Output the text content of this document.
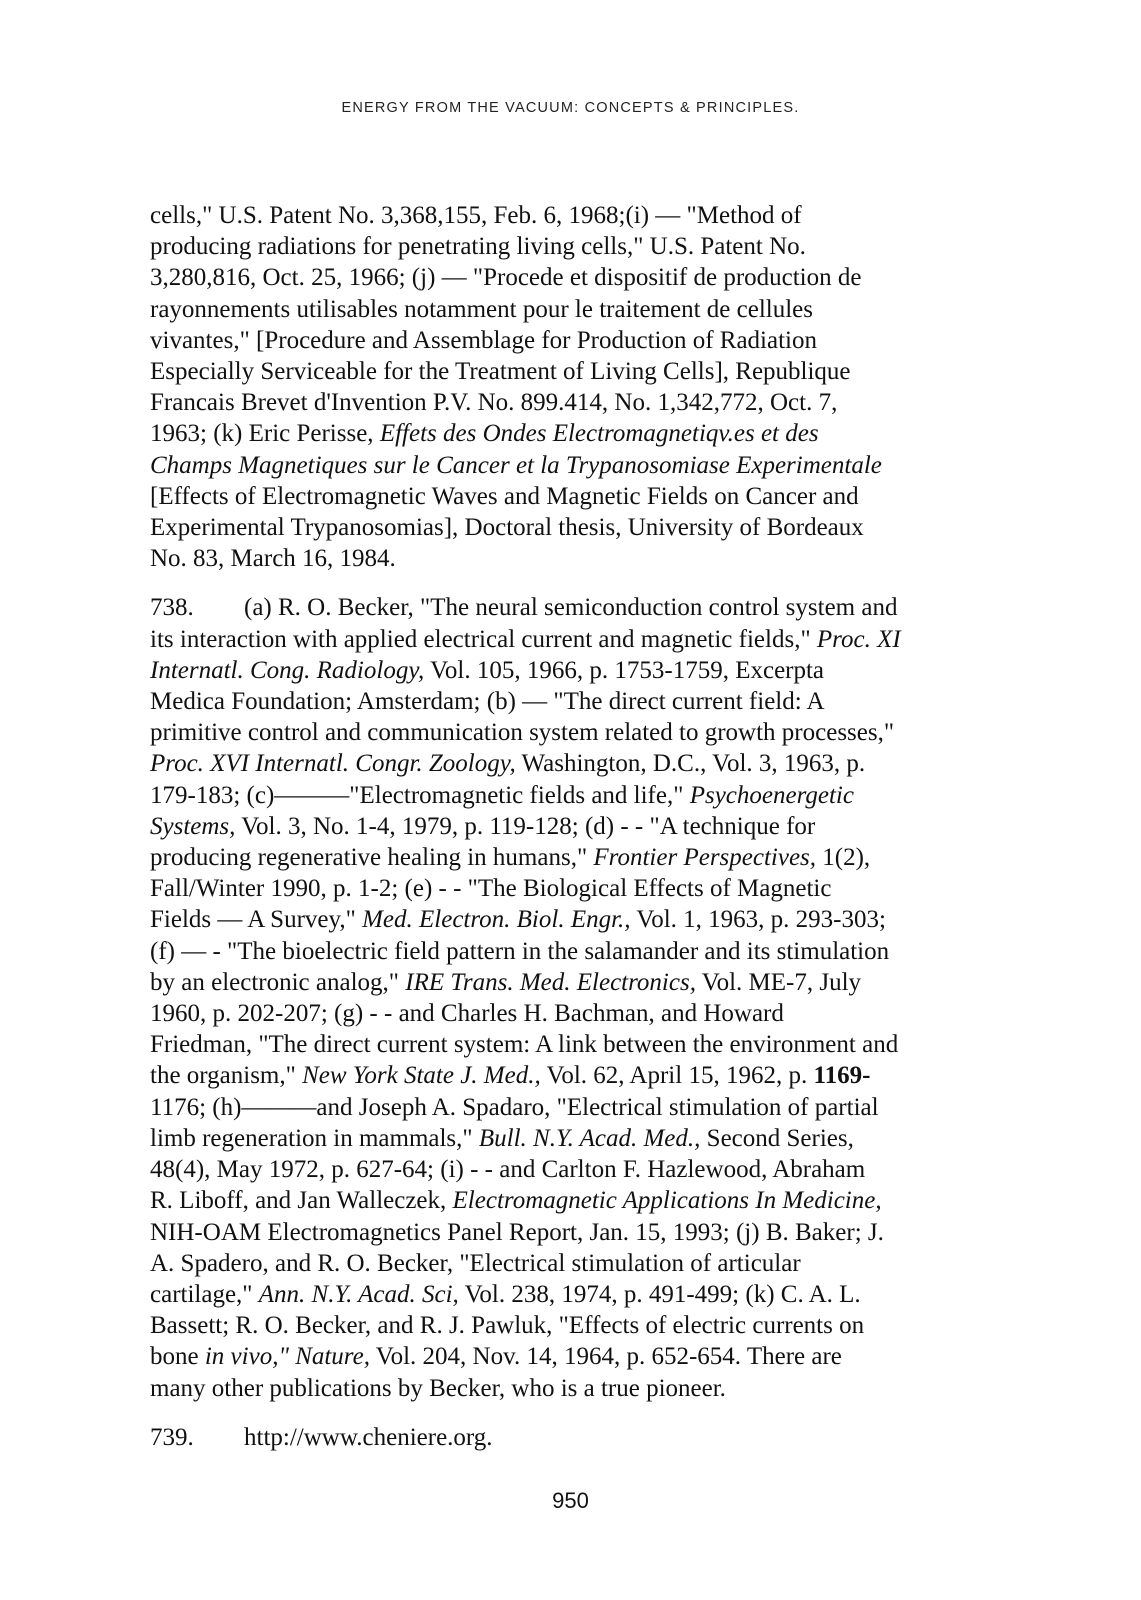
ENERGY FROM THE VACUUM: CONCEPTS & PRINCIPLES.
cells," U.S. Patent No. 3,368,155, Feb. 6, 1968;(i) — "Method of
producing radiations for penetrating living cells," U.S. Patent No.
3,280,816, Oct. 25, 1966; (j) — "Procede et dispositif de production de
rayonnements utilisables notamment pour le traitement de cellules
vivantes," [Procedure and Assemblage for Production of Radiation
Especially Serviceable for the Treatment of Living Cells], Republique
Francais Brevet d'Invention P.V. No. 899.414, No. 1,342,772, Oct. 7,
1963; (k) Eric Perisse, Effets des Ondes Electromagnetiqv.es et des
Champs Magnetiques sur le Cancer et la Trypanosomiase Experimentale
[Effects of Electromagnetic Waves and Magnetic Fields on Cancer and
Experimental Trypanosomias], Doctoral thesis, University of Bordeaux
No. 83, March 16, 1984.
738. (a) R. O. Becker, "The neural semiconduction control system and
its interaction with applied electrical current and magnetic fields," Proc. XI
Internatl. Cong. Radiology, Vol. 105, 1966, p. 1753-1759, Excerpta
Medica Foundation; Amsterdam; (b) — "The direct current field: A
primitive control and communication system related to growth processes,"
Proc. XVI Internatl. Congr. Zoology, Washington, D.C., Vol. 3, 1963, p.
179-183; (c)———"Electromagnetic fields and life," Psychoenergetic
Systems, Vol. 3, No. 1-4, 1979, p. 119-128; (d) - - "A technique for
producing regenerative healing in humans," Frontier Perspectives, 1(2),
Fall/Winter 1990, p. 1-2; (e) - - "The Biological Effects of Magnetic
Fields — A Survey," Med. Electron. Biol. Engr., Vol. 1, 1963, p. 293-303;
(f) — - "The bioelectric field pattern in the salamander and its stimulation
by an electronic analog," IRE Trans. Med. Electronics, Vol. ME-7, July
1960, p. 202-207; (g) - - and Charles H. Bachman, and Howard
Friedman, "The direct current system: A link between the environment and
the organism," New York State J. Med., Vol. 62, April 15, 1962, p. 1169-
1176; (h)———and Joseph A. Spadaro, "Electrical stimulation of partial
limb regeneration in mammals," Bull. N.Y. Acad. Med., Second Series,
48(4), May 1972, p. 627-64; (i) - - and Carlton F. Hazlewood, Abraham
R. Liboff, and Jan Walleczek, Electromagnetic Applications In Medicine,
NIH-OAM Electromagnetics Panel Report, Jan. 15, 1993; (j) B. Baker; J.
A. Spadero, and R. O. Becker, "Electrical stimulation of articular
cartilage," Ann. N.Y. Acad. Sci, Vol. 238, 1974, p. 491-499; (k) C. A. L.
Bassett; R. O. Becker, and R. J. Pawluk, "Effects of electric currents on
bone in vivo," Nature, Vol. 204, Nov. 14, 1964, p. 652-654. There are
many other publications by Becker, who is a true pioneer.
739. http://www.cheniere.org.
950
